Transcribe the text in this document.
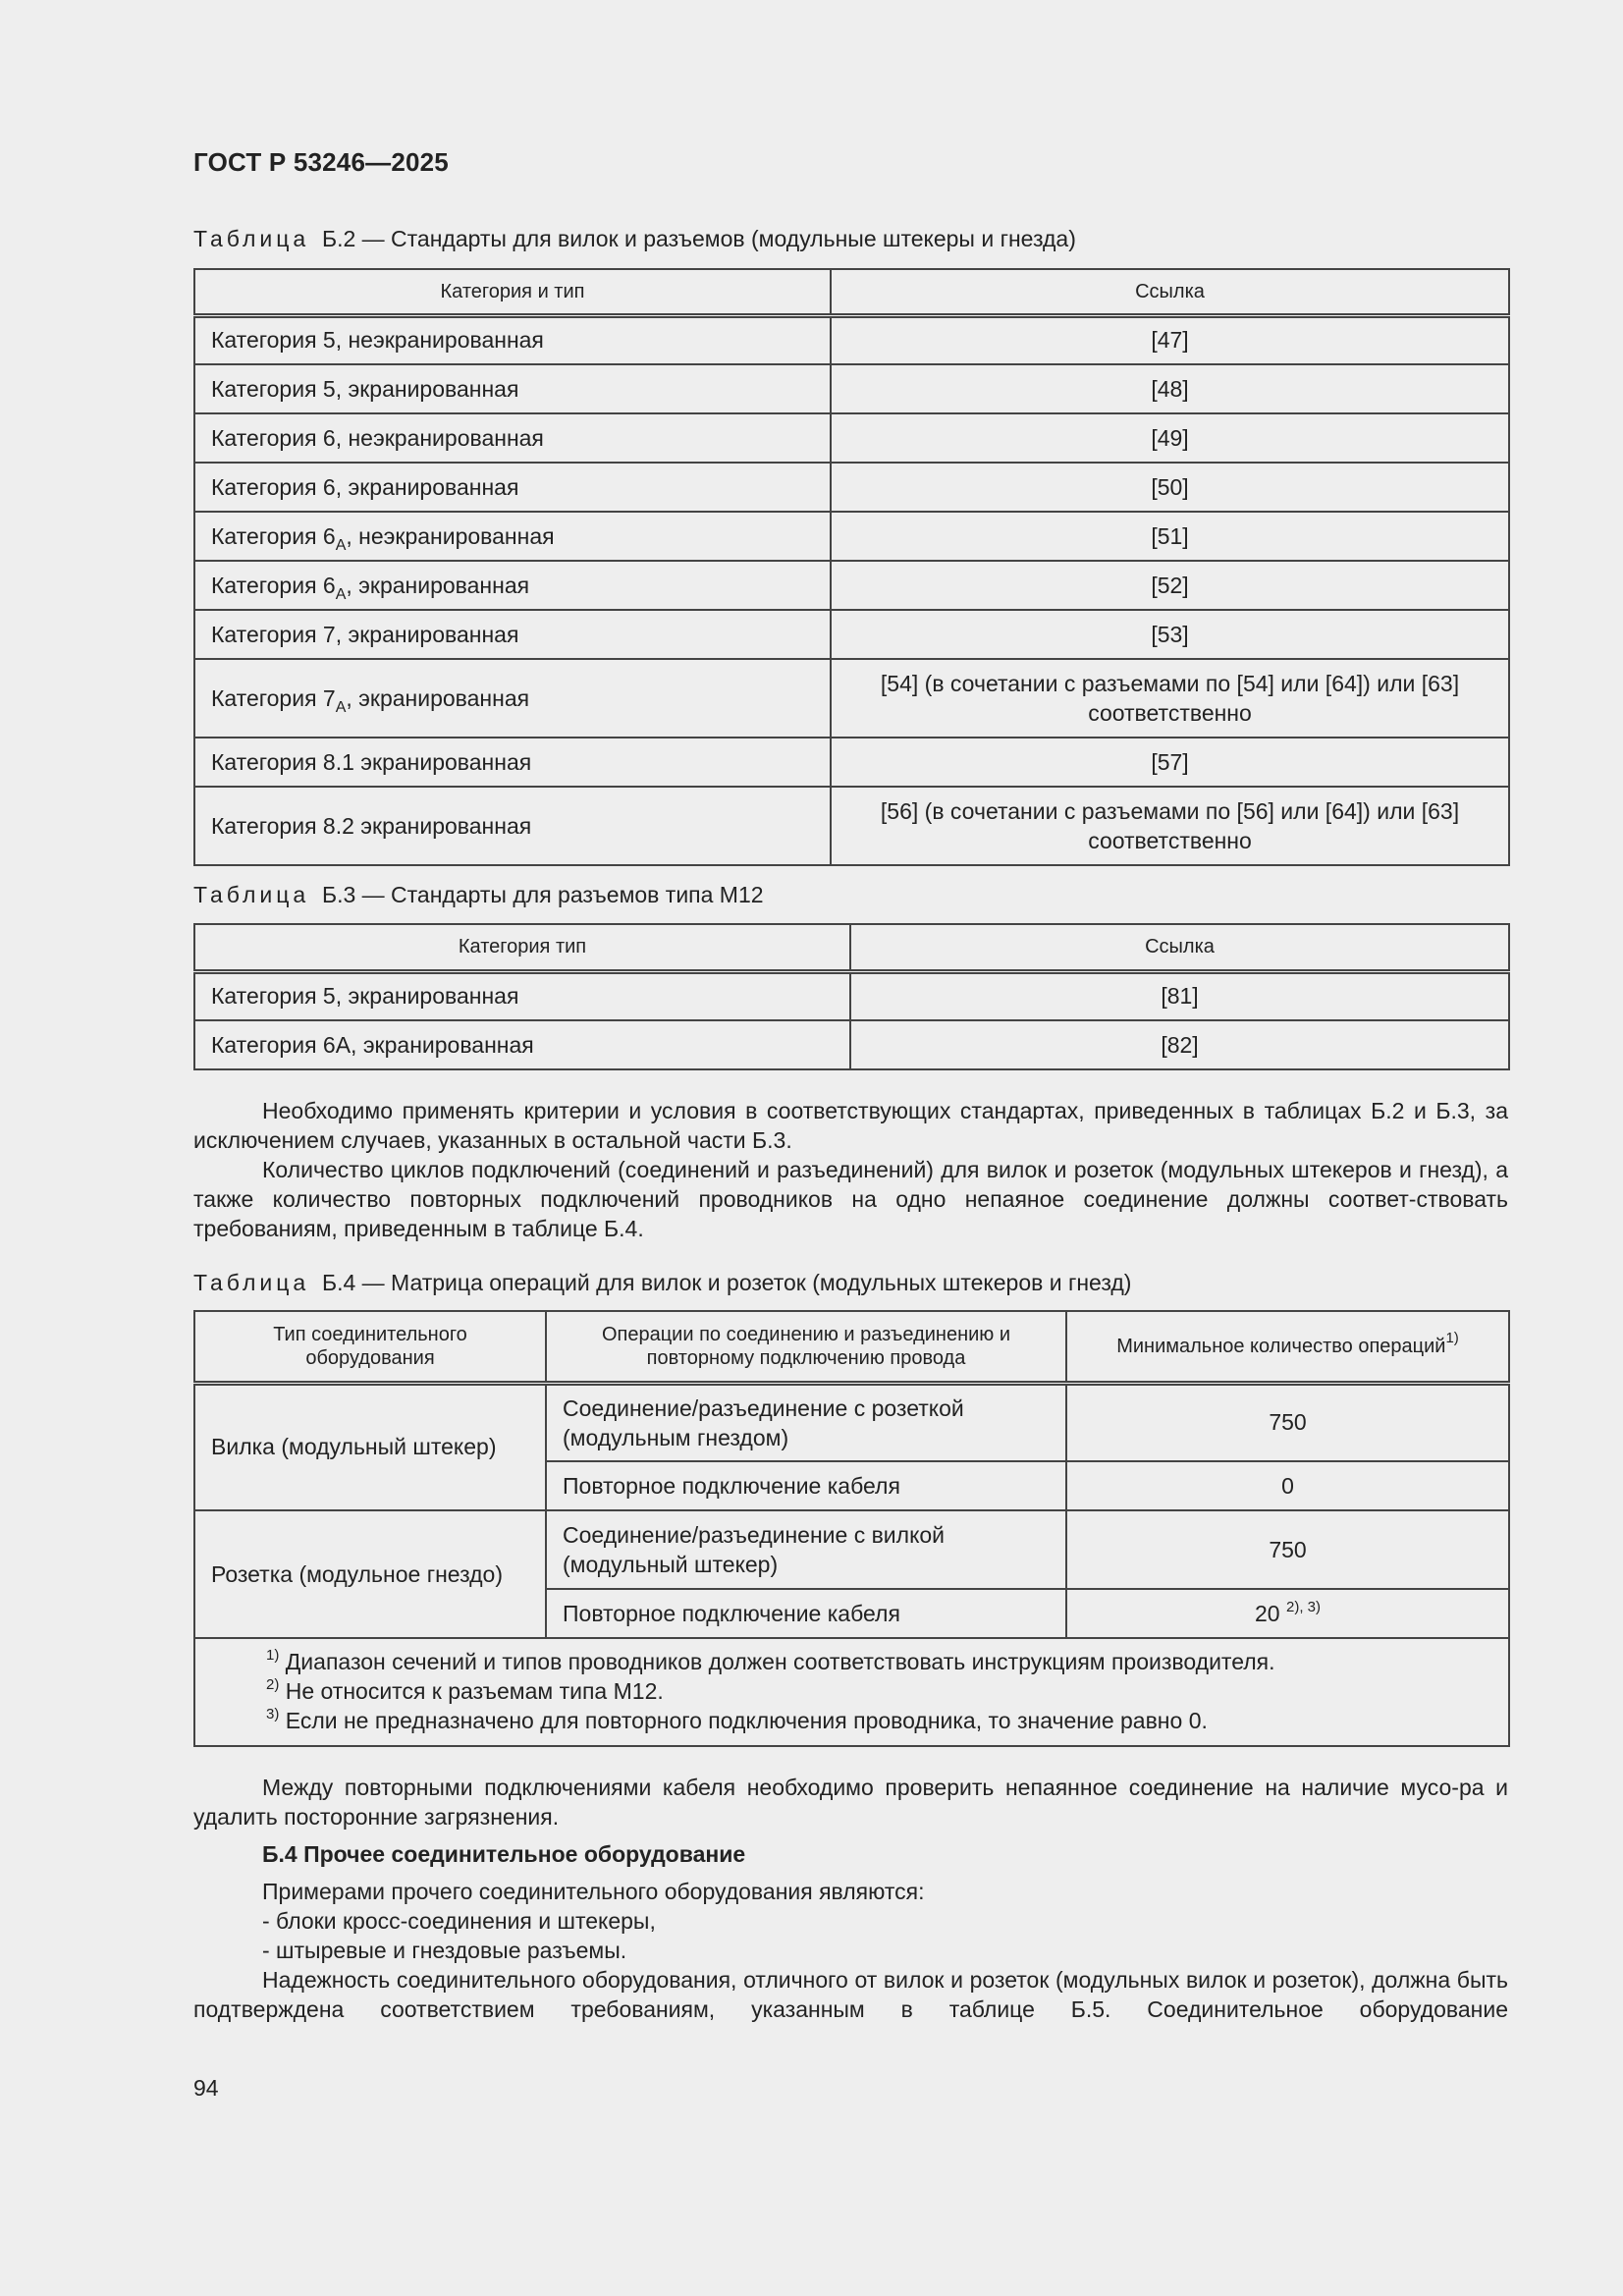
ГОСТ Р 53246—2025
Таблица Б.2 — Стандарты для вилок и разъемов (модульные штекеры и гнезда)
Категория и тип	Ссылка
Категория 5, неэкранированная	[47]
Категория 5, экранированная	[48]
Категория 6, неэкранированная	[49]
Категория 6, экранированная	[50]
Категория $6_A$, неэкранированная	[51]
Категория $6_A$, экранированная	[52]
Категория 7, экранированная	[53]
Категория $7_A$, экранированная	[54] (в сочетании с разъемами по [54] или [64]) или [63]
соответственно

Категория 8.1 экранированная	[57]
Категория 8.2 экранированная	[56] (в сочетании с разъемами по [56] или [64]) или [63]
соответственно
Таблица Б.3 — Стандарты для разъемов типа М12
Категория тип	Ссылка
Категория 5, экранированная	[81]
Категория 6А, экранированная	[82]

Необходимо применять критерии и условия в соответствующих стандартах, приведенных в таблицах Б.2 и Б.3, за исключением случаев, указанных в остальной части Б.3.

Количество циклов подключений (соединений и разъединений) для вилок и розеток (модульных штекеров и гнезд), а также количество повторных подключений проводников на одно непаяное соединение должны соответ-ствовать требованиям, приведенным в таблице Б.4.

Таблица Б.4 — Матрица операций для вилок и розеток (модульных штекеров и гнезд)
Тип соединительного оборудования	Операции по соединению и разъединению и повторному подключению провода	Минимальное количество операций$^{1)}$
Вилка (модульный штекер)	Соединение/разъединение с розеткой (модульным гнездом)	750
	Повторное подключение кабеля	0
Розетка (модульное гнездо)	Соединение/разъединение с вилкой (модульный штекер)	750
	Повторное подключение кабеля	20 $^{2), 3)}$

$^{1)}$ Диапазон сечений и типов проводников должен соответствовать инструкциям производителя.
$^{2)}$ Не относится к разъемам типа М12.
$^{3)}$ Если не предназначено для повторного подключения проводника, то значение равно 0.		

Между повторными подключениями кабеля необходимо проверить непаянное соединение на наличие мусо-ра и удалить посторонние загрязнения.

Б.4 Прочее соединительное оборудование

Примерами прочего соединительного оборудования являются:

- блоки кросс-соединения и штекеры,

- штыревые и гнездовые разъемы.

Надежность соединительного оборудования, отличного от вилок и розеток (модульных вилок и розеток), должна быть подтверждена соответствием требованиям, указанным в таблице Б.5. Соединительное оборудование

94
